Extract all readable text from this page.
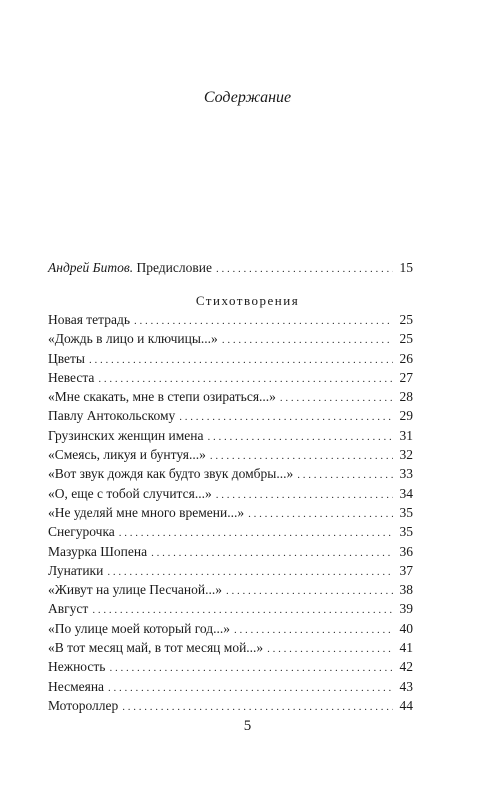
Содержание
Андрей Битов. Предисловие . . .	15
Стихотворения
Новая тетрадь . . .	25
«Дождь в лицо и ключицы...» . . .	25
Цветы . . .	26
Невеста . . .	27
«Мне скакать, мне в степи озираться...» . . .	28
Павлу Антокольскому . . .	29
Грузинских женщин имена . . .	31
«Смеясь, ликуя и бунтуя...» . . .	32
«Вот звук дождя как будто звук домбры...» . . .	33
«О, еще с тобой случится...» . . .	34
«Не уделяй мне много времени...» . . .	35
Снегурочка . . .	35
Мазурка Шопена . . .	36
Лунатики . . .	37
«Живут на улице Песчаной...» . . .	38
Август . . .	39
«По улице моей который год...» . . .	40
«В тот месяц май, в тот месяц мой...» . . .	41
Нежность . . .	42
Несмеяна . . .	43
Мотороллер . . .	44
5
